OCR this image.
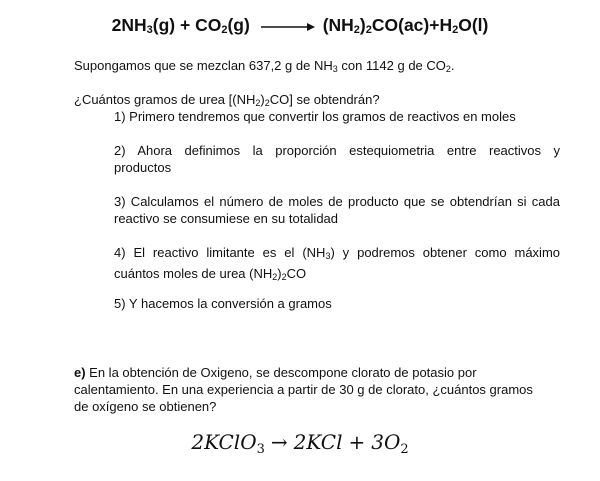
$2NH_3(g) + CO_2(g) \to (NH_2)_2CO(ac)+H_2O(l)$

Supongamos que se mezclan 637,2 g de $NH_3$ con 1142 g de $CO_2$.

¿Cuántos gramos de urea $[(NH_2)_2CO]$ se obtendrán?

1) Primero tendremos que convertir los gramos de reactivos en moles

2) Ahora definimos la proporción estequiometria entre reactivos y
productos
3) Calculamos el número de moles de producto que se obtendrían si cada
reactivo se consumiese en su totalidad
4) El reactivo limitante es el $(NH_3)$ y podremos obtener como máximo
cuántos moles de urea $(NH_2)_2CO$

5) Y hacemos la conversión a gramos

e) En la obtención de Oxigeno, se descompone clorato de potasio por
calentamiento. En una experiencia a partir de 30 g de clorato, ¿cuántos gramos
de oxígeno se obtienen?
2KClO$_3$ → $2KCl + 3O_2$
